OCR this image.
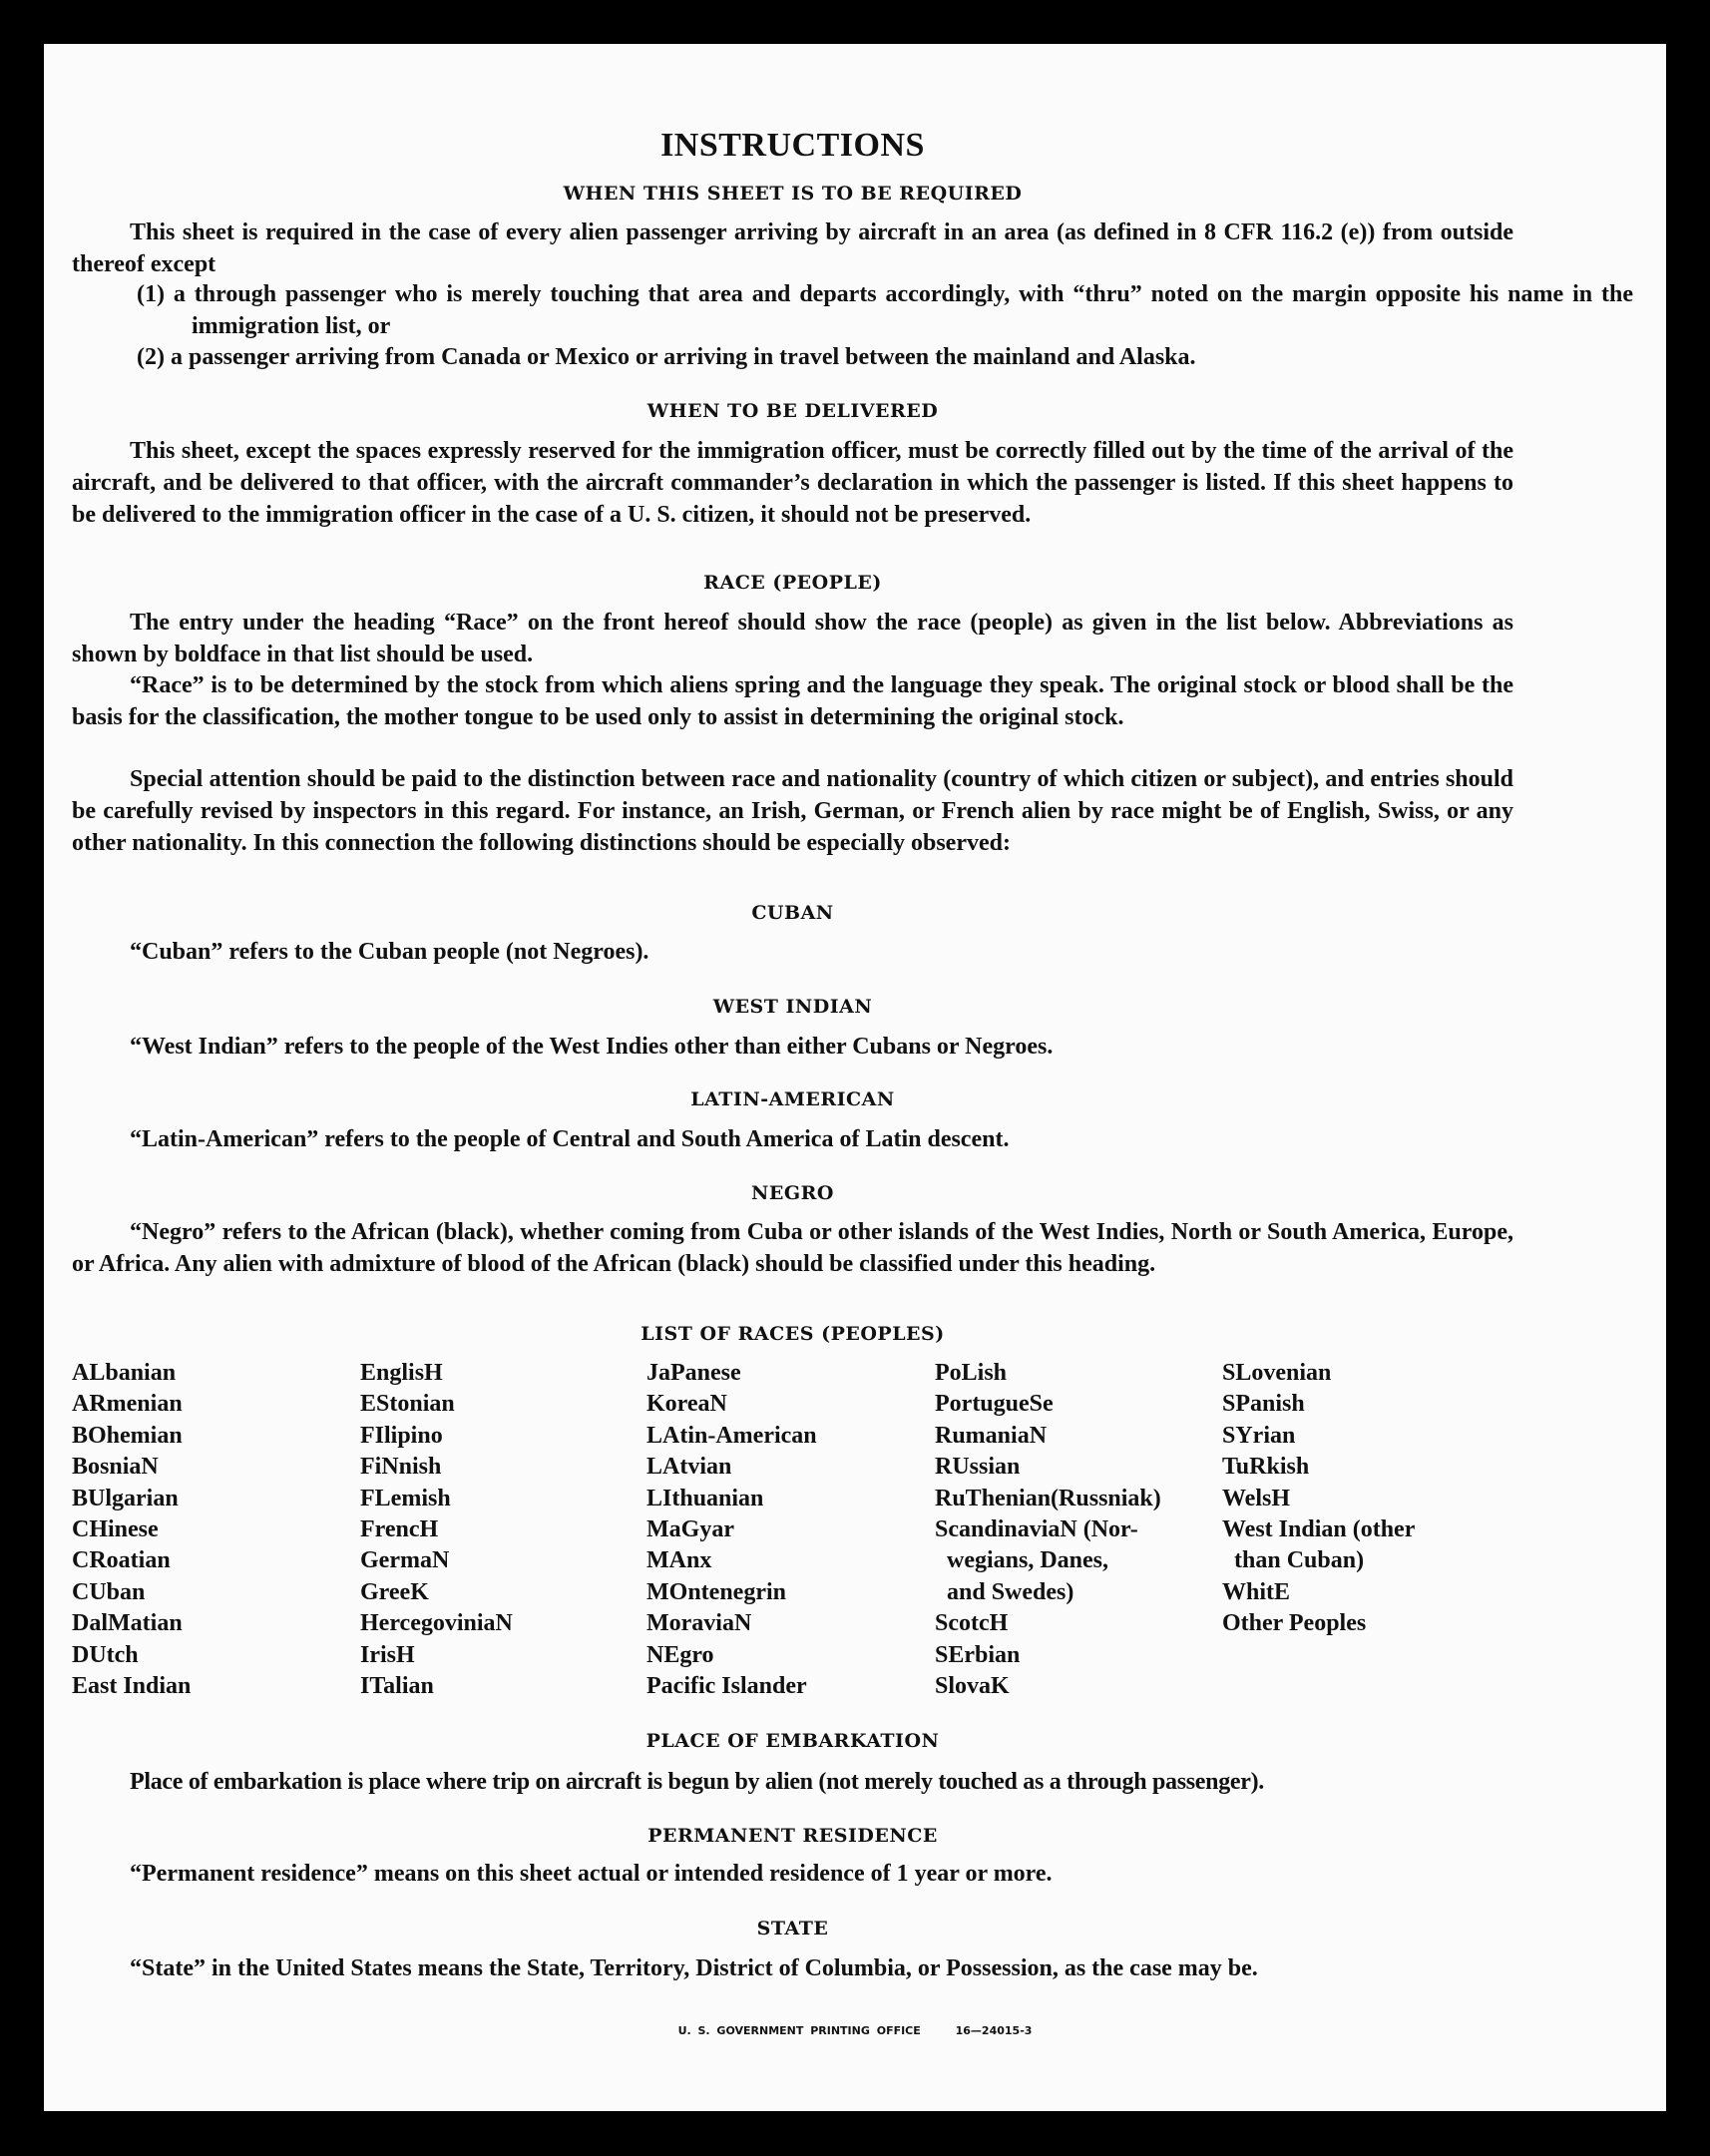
INSTRUCTIONS
WHEN THIS SHEET IS TO BE REQUIRED
This sheet is required in the case of every alien passenger arriving by aircraft in an area (as defined in 8 CFR 116.2 (e)) from outside thereof except
(1) a through passenger who is merely touching that area and departs accordingly, with “thru” noted on the margin opposite his name in the immigration list, or
(2) a passenger arriving from Canada or Mexico or arriving in travel between the mainland and Alaska.
WHEN TO BE DELIVERED
This sheet, except the spaces expressly reserved for the immigration officer, must be correctly filled out by the time of the arrival of the aircraft, and be delivered to that officer, with the aircraft commander’s declaration in which the passenger is listed. If this sheet happens to be delivered to the immigration officer in the case of a U. S. citizen, it should not be preserved.
RACE (PEOPLE)
The entry under the heading “Race” on the front hereof should show the race (people) as given in the list below. Abbreviations as shown by boldface in that list should be used.
“Race” is to be determined by the stock from which aliens spring and the language they speak. The original stock or blood shall be the basis for the classification, the mother tongue to be used only to assist in determining the original stock.
Special attention should be paid to the distinction between race and nationality (country of which citizen or subject), and entries should be carefully revised by inspectors in this regard. For instance, an Irish, German, or French alien by race might be of English, Swiss, or any other nationality. In this connection the following distinctions should be especially observed:
CUBAN
“Cuban” refers to the Cuban people (not Negroes).
WEST INDIAN
“West Indian” refers to the people of the West Indies other than either Cubans or Negroes.
LATIN-AMERICAN
“Latin-American” refers to the people of Central and South America of Latin descent.
NEGRO
“Negro” refers to the African (black), whether coming from Cuba or other islands of the West Indies, North or South America, Europe, or Africa. Any alien with admixture of blood of the African (black) should be classified under this heading.
LIST OF RACES (PEOPLES)
ALbanian
ARmenian
BOhemian
BosniaN
BUlgarian
CHinese
CRoatian
CUban
DalMatian
DUtch
East Indian
EnglisH
EStonian
FIlipino
FiNnish
FLemish
FrencH
GermaN
GreeK
HercegoviniaN
IrisH
ITalian
JaPanese
KoreaN
LAtin-American
LAtvian
LIthuanian
MaGyar
MAnx
MOntenegrin
MoraviaN
NEgro
Pacific Islander
PoLish
PortugueSe
RumaniaN
RUssian
RuThenian(Russniak)
ScandinaviaN (Nor-
wegians, Danes,
and Swedes)
ScotcH
SErbian
SlovaK
SLovenian
SPanish
SYrian
TuRkish
WelsH
West Indian (other
than Cuban)
WhitE
Other Peoples
PLACE OF EMBARKATION
Place of embarkation is place where trip on aircraft is begun by alien (not merely touched as a through passenger).
PERMANENT RESIDENCE
“Permanent residence” means on this sheet actual or intended residence of 1 year or more.
STATE
“State” in the United States means the State, Territory, District of Columbia, or Possession, as the case may be.
U. S. GOVERNMENT PRINTING OFFICE	16—24015-3
